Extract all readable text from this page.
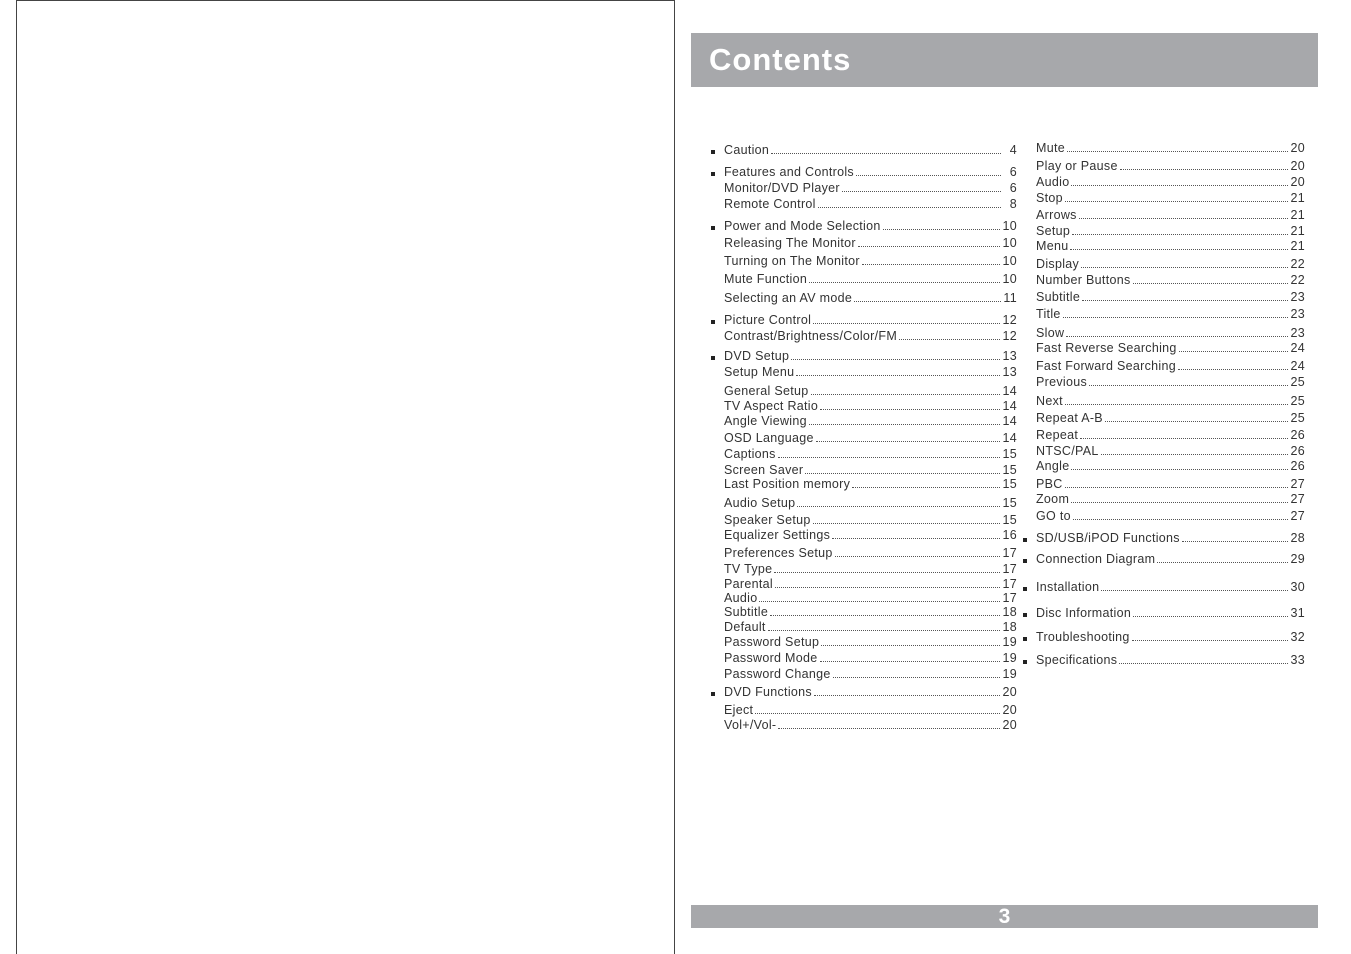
Contents
Caution	4
Features and Controls	6
Monitor/DVD Player	6
Remote Control	8
Power and Mode Selection	10
Releasing The Monitor	10
Turning on The Monitor	10
Mute Function	10
Selecting an AV mode	11
Picture Control	12
Contrast/Brightness/Color/FM	12
DVD Setup	13
Setup Menu	13
General Setup	14
TV Aspect Ratio	14
Angle Viewing	14
OSD Language	14
Captions	15
Screen Saver	15
Last Position memory	15
Audio Setup	15
Speaker Setup	15
Equalizer Settings	16
Preferences Setup	17
TV Type	17
Parental	17
Audio	17
Subtitle	18
Default	18
Password Setup	19
Password Mode	19
Password Change	19
DVD Functions	20
Eject	20
Vol+/Vol-	20
Mute	20
Play or Pause	20
Audio	20
Stop	21
Arrows	21
Setup	21
Menu	21
Display	22
Number Buttons	22
Subtitle	23
Title	23
Slow	23
Fast Reverse Searching	24
Fast Forward Searching	24
Previous	25
Next	25
Repeat A-B	25
Repeat	26
NTSC/PAL	26
Angle	26
PBC	27
Zoom	27
GO to	27
SD/USB/iPOD Functions	28
Connection Diagram	29
Installation	30
Disc Information	31
Troubleshooting	32
Specifications	33
3
